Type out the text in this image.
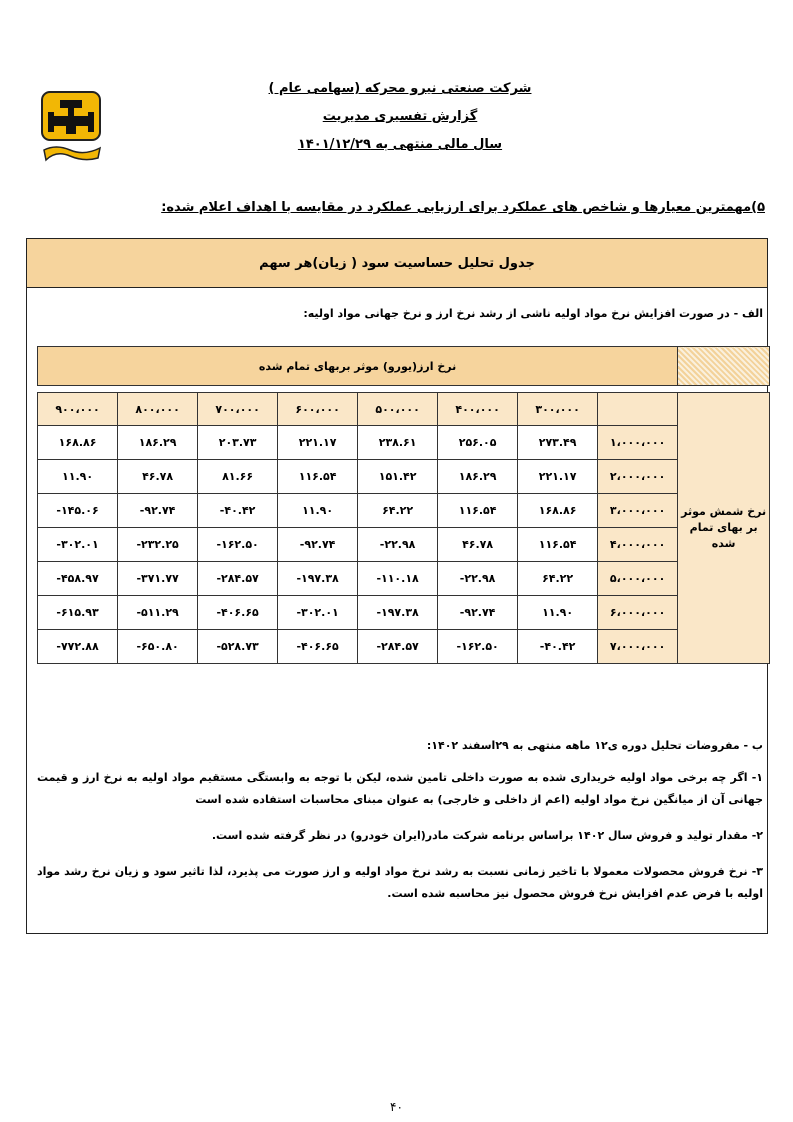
شرکت صنعتی نیرو محرکه (سهامی عام )
گزارش تفسیری مدیریت
سال مالی منتهی به ۱۴۰۱/۱۲/۲۹
۵)مهمترین معیارها و شاخص های عملکرد برای ارزیابی عملکرد در مقایسه با اهداف اعلام شده:
جدول تحلیل حساسیت سود ( زیان)هر سهم
الف - در صورت افزایش نرخ مواد اولیه ناشی از رشد نرخ ارز و نرخ جهانی مواد اولیه:
	نرخ ارز(یورو) موثر بربهای تمام شده							

نرخ شمش موثر بر بهای تمام شده		۳۰۰،۰۰۰	۴۰۰،۰۰۰	۵۰۰،۰۰۰	۶۰۰،۰۰۰	۷۰۰،۰۰۰	۸۰۰،۰۰۰	۹۰۰،۰۰۰
	۱،۰۰۰،۰۰۰	۲۷۳.۴۹	۲۵۶.۰۵	۲۳۸.۶۱	۲۲۱.۱۷	۲۰۳.۷۳	۱۸۶.۲۹	۱۶۸.۸۶
	۲،۰۰۰،۰۰۰	۲۲۱.۱۷	۱۸۶.۲۹	۱۵۱.۴۲	۱۱۶.۵۴	۸۱.۶۶	۴۶.۷۸	۱۱.۹۰
	۳،۰۰۰،۰۰۰	۱۶۸.۸۶	۱۱۶.۵۴	۶۴.۲۲	۱۱.۹۰	-۴۰.۴۲	-۹۲.۷۴	-۱۴۵.۰۶
	۴،۰۰۰،۰۰۰	۱۱۶.۵۴	۴۶.۷۸	-۲۲.۹۸	-۹۲.۷۴	-۱۶۲.۵۰	-۲۳۲.۲۵	-۳۰۲.۰۱
	۵،۰۰۰،۰۰۰	۶۴.۲۲	-۲۲.۹۸	-۱۱۰.۱۸	-۱۹۷.۳۸	-۲۸۴.۵۷	-۳۷۱.۷۷	-۴۵۸.۹۷
	۶،۰۰۰،۰۰۰	۱۱.۹۰	-۹۲.۷۴	-۱۹۷.۳۸	-۳۰۲.۰۱	-۴۰۶.۶۵	-۵۱۱.۲۹	-۶۱۵.۹۳
	۷،۰۰۰،۰۰۰	-۴۰.۴۲	-۱۶۲.۵۰	-۲۸۴.۵۷	-۴۰۶.۶۵	-۵۲۸.۷۳	-۶۵۰.۸۰	-۷۷۲.۸۸

ب - مفروضات تحلیل دوره ی۱۲ ماهه منتهی به ۲۹اسفند ۱۴۰۲:

۱- اگر چه برخی مواد اولیه خریداری شده به صورت داخلی تامین شده، لیکن با توجه به وابستگی مستقیم مواد اولیه به نرخ ارز و قیمت جهانی آن از میانگین نرخ مواد اولیه (اعم از داخلی و خارجی) به عنوان مبنای محاسبات استفاده شده است

۲- مقدار تولید و فروش سال ۱۴۰۲ براساس برنامه شرکت مادر(ایران خودرو) در نظر گرفته شده است.

۳- نرخ فروش محصولات معمولا با تاخیر زمانی نسبت به رشد نرخ مواد اولیه و ارز صورت می پذیرد، لذا تاثیر سود و زیان نرخ رشد مواد اولیه با فرض عدم افزایش نرخ فروش محصول نیز محاسبه شده است.

۴۰
